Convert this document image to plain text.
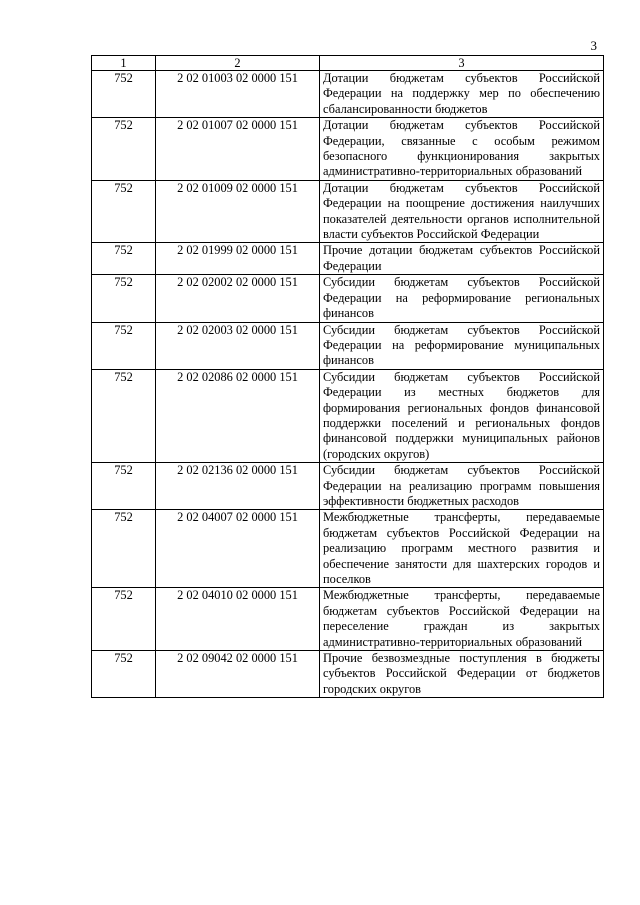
3
1	2	3
752	2 02 01003 02 0000 151	Дотации бюджетам субъектов Российской Федерации на поддержку мер по обеспечению сбалансированности бюджетов
752	2 02 01007 02 0000 151	Дотации бюджетам субъектов Российской Федерации, связанные с особым режимом безопасного функционирования закрытых административно-территориальных образований
752	2 02 01009 02 0000 151	Дотации бюджетам субъектов Российской Федерации на поощрение достижения наилучших показателей деятельности органов исполнительной власти субъектов Российской Федерации
752	2 02 01999 02 0000 151	Прочие дотации бюджетам субъектов Российской Федерации
752	2 02 02002 02 0000 151	Субсидии бюджетам субъектов Российской Федерации на реформирование региональных финансов
752	2 02 02003 02 0000 151	Субсидии бюджетам субъектов Российской Федерации на реформирование муниципальных финансов
752	2 02 02086 02 0000 151	Субсидии бюджетам субъектов Российской Федерации из местных бюджетов для формирования региональных фондов финансовой поддержки поселений и региональных фондов финансовой поддержки муниципальных районов (городских округов)
752	2 02 02136 02 0000 151	Субсидии бюджетам субъектов Российской Федерации на реализацию программ повышения эффективности бюджетных расходов
752	2 02 04007 02 0000 151	Межбюджетные трансферты, передаваемые бюджетам субъектов Российской Федерации на реализацию программ местного развития и обеспечение занятости для шахтерских городов и поселков
752	2 02 04010 02 0000 151	Межбюджетные трансферты, передаваемые бюджетам субъектов Российской Федерации на переселение граждан из закрытых административно-территориальных образований
752	2 02 09042 02 0000 151	Прочие безвозмездные поступления в бюджеты субъектов Российской Федерации от бюджетов городских округов
